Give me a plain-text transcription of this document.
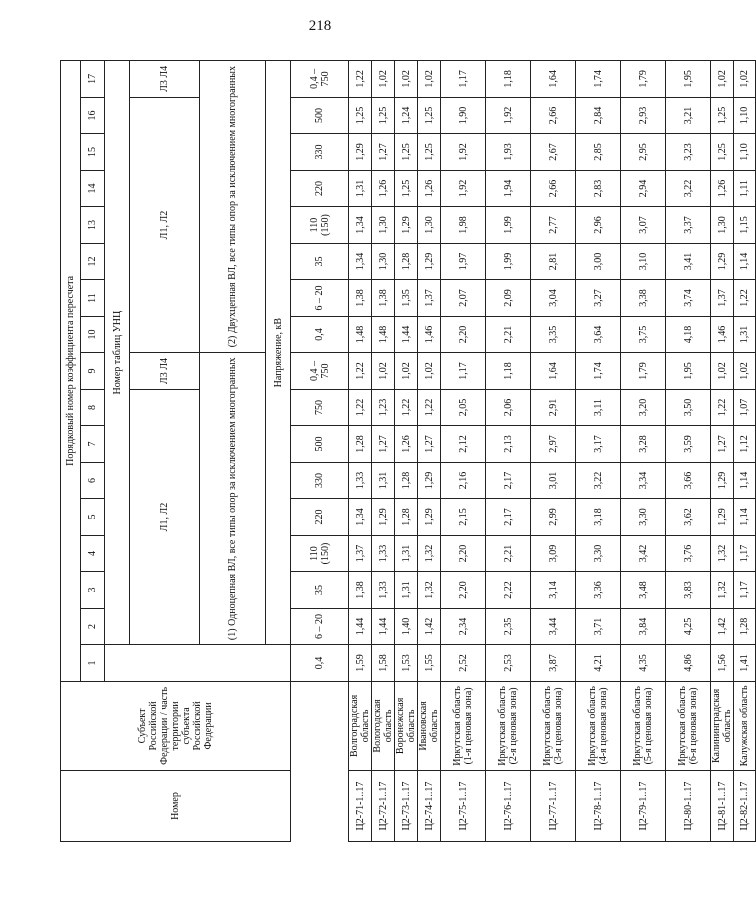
218
Номер	Субъект Российской Федерации / часть территории субъекта Российской Федерации	Порядковый номер коэффициента пересчета																
		1	2	3	4	5	6	7	8	9	10	11	12	13	14	15	16	17
			Номер таблиц УНЦ															
			Л1, Л2							Л3 Л4	Л1, Л2							Л3 Л4
			(1) Одноцепная ВЛ, все типы опор за исключением многогранных								(2) Двухцепная ВЛ, все типы опор за исключением многогранных							
			Напряжение, кВ															
		0,4	6 – 20	35	110 (150)	220	330	500	750	0,4 – 750	0,4	6 – 20	35	110 (150)	220	330	500	0,4 – 750
Ц2-71-1..17	Волгоградская область	1,59	1,44	1,38	1,37	1,34	1,33	1,28	1,22	1,22	1,48	1,38	1,34	1,34	1,31	1,29	1,25	1,22
Ц2-72-1..17	Вологодская область	1,58	1,44	1,33	1,33	1,29	1,31	1,27	1,23	1,02	1,48	1,38	1,30	1,30	1,26	1,27	1,25	1,02
Ц2-73-1..17	Воронежская область	1,53	1,40	1,31	1,31	1,28	1,28	1,26	1,22	1,02	1,44	1,35	1,28	1,29	1,25	1,25	1,24	1,02
Ц2-74-1..17	Ивановская область	1,55	1,42	1,32	1,32	1,29	1,29	1,27	1,22	1,02	1,46	1,37	1,29	1,30	1,26	1,25	1,25	1,02
Ц2-75-1..17	Иркутская область (1-я ценовая зона)	2,52	2,34	2,20	2,20	2,15	2,16	2,12	2,05	1,17	2,20	2,07	1,97	1,98	1,92	1,92	1,90	1,17
Ц2-76-1..17	Иркутская область (2-я ценовая зона)	2,53	2,35	2,22	2,21	2,17	2,17	2,13	2,06	1,18	2,21	2,09	1,99	1,99	1,94	1,93	1,92	1,18
Ц2-77-1..17	Иркутская область (3-я ценовая зона)	3,87	3,44	3,14	3,09	2,99	3,01	2,97	2,91	1,64	3,35	3,04	2,81	2,77	2,66	2,67	2,66	1,64
Ц2-78-1..17	Иркутская область (4-я ценовая зона)	4,21	3,71	3,36	3,30	3,18	3,22	3,17	3,11	1,74	3,64	3,27	3,00	2,96	2,83	2,85	2,84	1,74
Ц2-79-1..17	Иркутская область (5-я ценовая зона)	4,35	3,84	3,48	3,42	3,30	3,34	3,28	3,20	1,79	3,75	3,38	3,10	3,07	2,94	2,95	2,93	1,79
Ц2-80-1..17	Иркутская область (6-я ценовая зона)	4,86	4,25	3,83	3,76	3,62	3,66	3,59	3,50	1,95	4,18	3,74	3,41	3,37	3,22	3,23	3,21	1,95
Ц2-81-1..17	Калининградская область	1,56	1,42	1,32	1,32	1,29	1,29	1,27	1,22	1,02	1,46	1,37	1,29	1,30	1,26	1,25	1,25	1,02
Ц2-82-1..17	Калужская область	1,41	1,28	1,17	1,17	1,14	1,14	1,12	1,07	1,02	1,31	1,22	1,14	1,15	1,11	1,10	1,10	1,02
